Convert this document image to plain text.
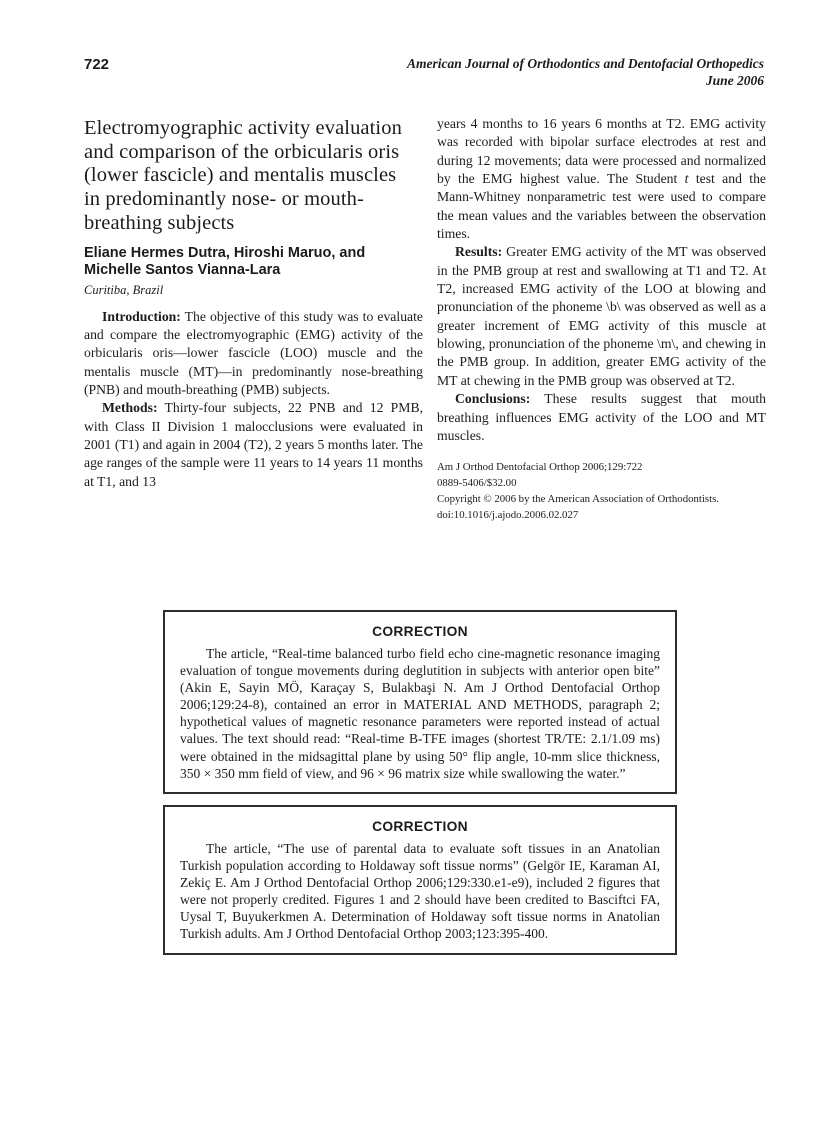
722	American Journal of Orthodontics and Dentofacial Orthopedics
June 2006
Electromyographic activity evaluation
and comparison of the orbicularis oris
(lower fascicle) and mentalis muscles
in predominantly nose- or mouth-
breathing subjects
Eliane Hermes Dutra, Hiroshi Maruo, and
Michelle Santos Vianna-Lara
Curitiba, Brazil

Introduction: The objective of this study was to evaluate and compare the electromyographic (EMG) activity of the orbicularis oris—lower fascicle (LOO) muscle and the mentalis muscle (MT)—in predominantly nose-breathing (PNB) and mouth-breathing (PMB) subjects.

Methods: Thirty-four subjects, 22 PNB and 12 PMB, with Class II Division 1 malocclusions were evaluated in 2001 (T1) and again in 2004 (T2), 2 years 5 months later. The age ranges of the sample were 11 years to 14 years 11 months at T1, and 13

years 4 months to 16 years 6 months at T2. EMG activity was recorded with bipolar surface electrodes at rest and during 12 movements; data were processed and normalized by the EMG highest value. The Student t test and the Mann-Whitney nonparametric test were used to compare the mean values and the variables between the observation times.

Results: Greater EMG activity of the MT was observed in the PMB group at rest and swallowing at T1 and T2. At T2, increased EMG activity of the LOO at blowing and pronunciation of the phoneme \b\ was observed as well as a greater increment of EMG activity of this muscle at blowing, pronunciation of the phoneme \m\, and chewing in the PMB group. In addition, greater EMG activity of the MT at chewing in the PMB group was observed at T2.

Conclusions: These results suggest that mouth breathing influences EMG activity of the LOO and MT muscles.

Am J Orthod Dentofacial Orthop 2006;129:722
0889-5406/$32.00
Copyright © 2006 by the American Association of Orthodontists.
doi:10.1016/j.ajodo.2006.02.027
CORRECTION

The article, “Real-time balanced turbo field echo cine-magnetic resonance imaging evaluation of tongue movements during deglutition in subjects with anterior open bite” (Akin E, Sayin MÖ, Karaçay S, Bulakbaşi N. Am J Orthod Dentofacial Orthop 2006;129:24-8), contained an error in MATERIAL AND METHODS, paragraph 2; hypothetical values of magnetic resonance parameters were reported instead of actual values. The text should read: “Real-time B-TFE images (shortest TR/TE: 2.1/1.09 ms) were obtained in the midsagittal plane by using 50° flip angle, 10-mm slice thickness, 350 × 350 mm field of view, and 96 × 96 matrix size while swallowing the water.”

CORRECTION

The article, “The use of parental data to evaluate soft tissues in an Anatolian Turkish population according to Holdaway soft tissue norms” (Gelgör IE, Karaman AI, Zekiç E. Am J Orthod Dentofacial Orthop 2006;129:330.e1-e9), included 2 figures that were not properly credited. Figures 1 and 2 should have been credited to Basciftci FA, Uysal T, Buyukerkmen A. Determination of Holdaway soft tissue norms in Anatolian Turkish adults. Am J Orthod Dentofacial Orthop 2003;123:395-400.
